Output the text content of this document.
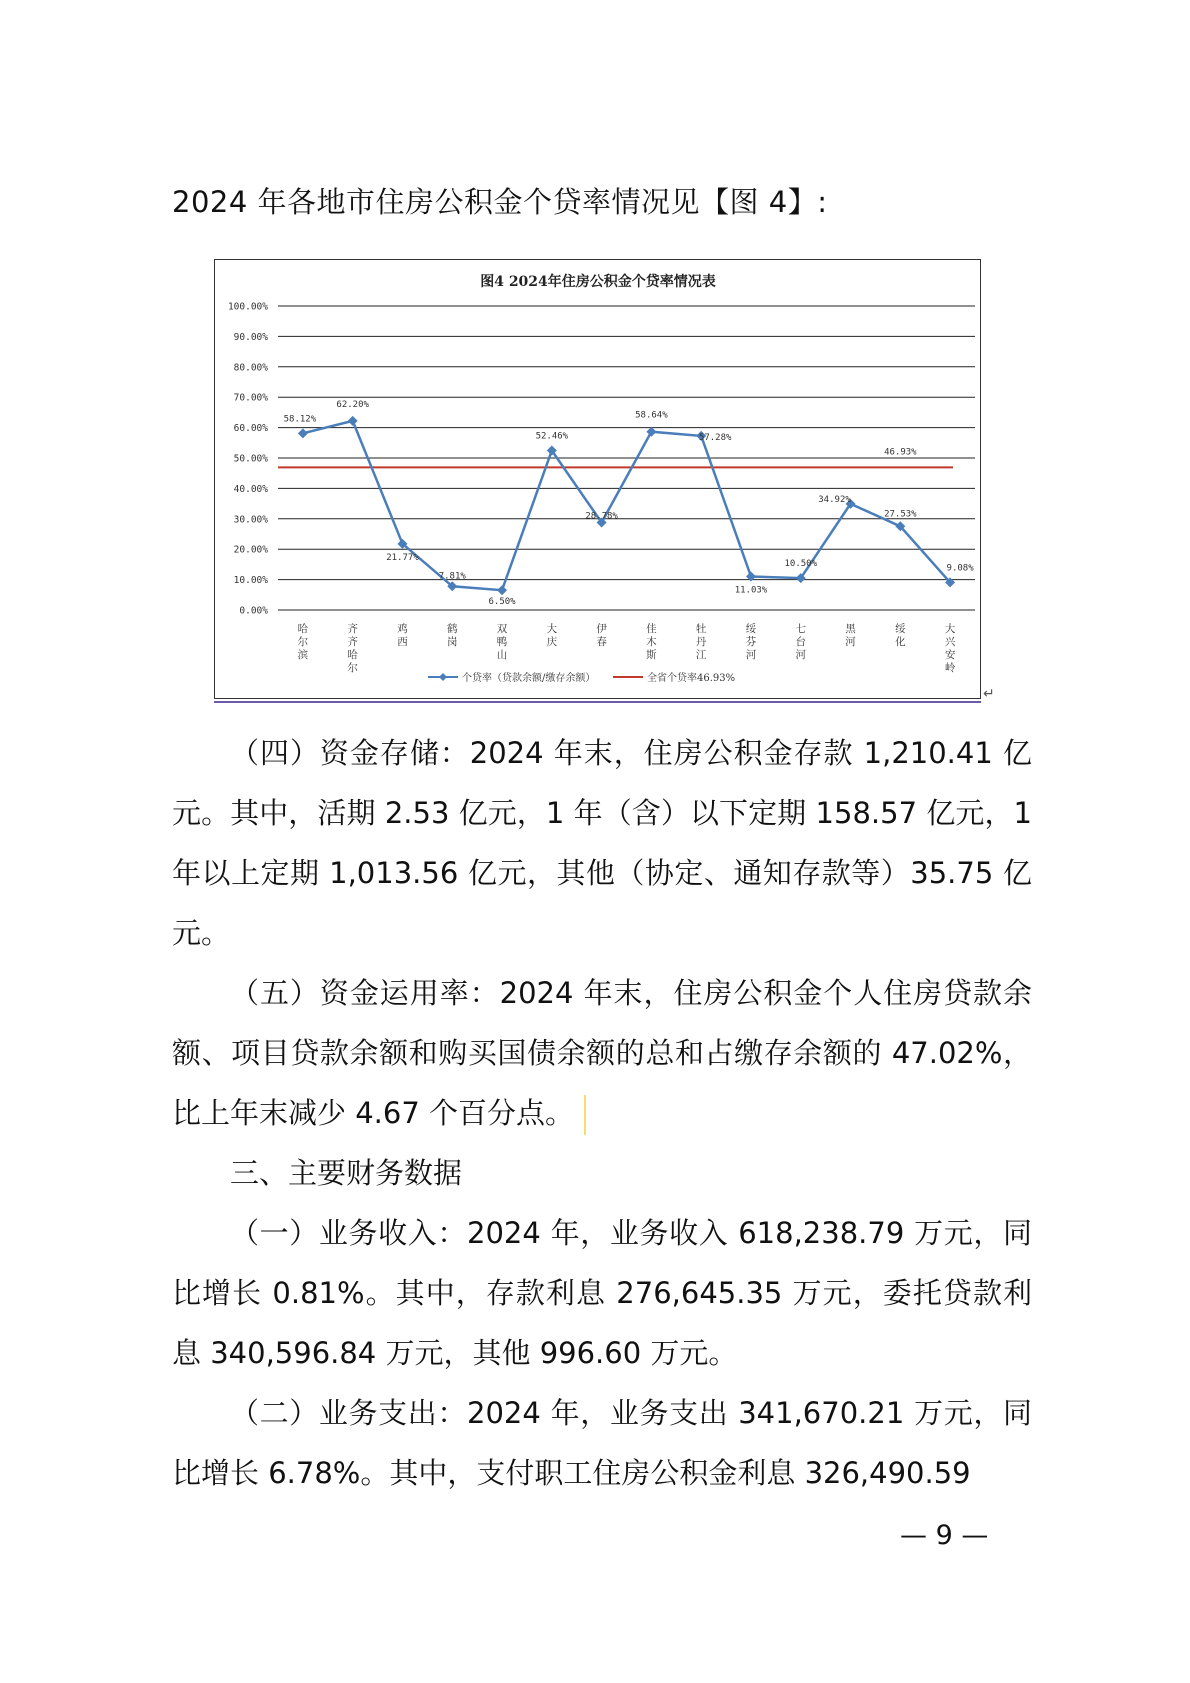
2024 年各地市住房公积金个贷率情况见【图 4】:
图4 2024年住房公积金个贷率情况表
0.00%
10.00%
20.00%
30.00%
40.00%
50.00%
60.00%
70.00%
80.00%
90.00%
100.00%
58.12%
62.20%
21.77%
7.81%
6.50%
52.46%
28.78%
58.64%
57.28%
11.03%
10.50%
34.92%
27.53%
9.08%
46.93%
哈
尔
滨
齐
齐
哈
尔
鸡
西
鹤
岗
双
鸭
山
大
庆
伊
春
佳
木
斯
牡
丹
江
绥
芬
河
七
台
河
黑
河
绥
化
大
兴
安
岭
个贷率（贷款余额/缴存余额）	全省个贷率46.93%
↵
（四）资金存储：2024 年末，住房公积金存款 1,210.41 亿元。其中，活期 2.53 亿元，1 年（含）以下定期 158.57 亿元，1 年以上定期 1,013.56 亿元，其他（协定、通知存款等）35.75 亿元。
（五）资金运用率：2024 年末，住房公积金个人住房贷款余额、项目贷款余额和购买国债余额的总和占缴存余额的 47.02%，比上年末减少 4.67 个百分点。
三、主要财务数据
（一）业务收入：2024 年，业务收入 618,238.79 万元，同比增长 0.81%。其中，存款利息 276,645.35 万元，委托贷款利息 340,596.84 万元，其他 996.60 万元。
（二）业务支出：2024 年，业务支出 341,670.21 万元，同比增长 6.78%。其中，支付职工住房公积金利息 326,490.59
— 9 —
